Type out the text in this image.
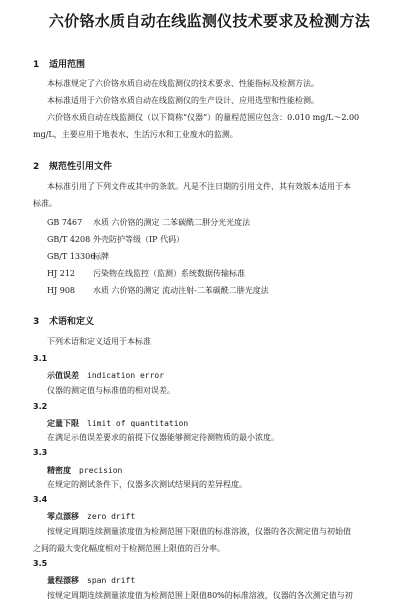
六价铬水质自动在线监测仪技术要求及检测方法
1 适用范围
本标准规定了六价铬水质自动在线监测仪的技术要求、性能指标及检测方法。
本标准适用于六价铬水质自动在线监测仪的生产设计、应用选型和性能检测。
六价铬水质自动在线监测仪（以下简称“仪器”）的量程范围应包含：0.010 mg/L～2.00
mg/L，主要应用于地表水、生活污水和工业废水的监测。
2 规范性引用文件
本标准引用了下列文件或其中的条款。凡是不注日期的引用文件，其有效版本适用于本
标准。
GB 7467 水质 六价铬的测定 二苯碳酰二肼分光光度法
GB/T 4208 外壳防护等级（IP 代码）
GB/T 13306标牌
HJ 212 污染物在线监控（监测）系统数据传输标准
HJ 908 水质 六价铬的测定 流动注射-二苯碳酰二肼光度法
3 术语和定义
下列术语和定义适用于本标准
3.1
示值误差 indication error
仪器的测定值与标准值的相对误差。
3.2
定量下限 limit of quantitation
在满足示值误差要求的前提下仪器能够测定待测物质的最小浓度。
3.3
精密度 precision
在规定的测试条件下，仪器多次测试结果间的差异程度。
3.4
零点漂移 zero drift
按规定周期连续测量浓度值为检测范围下限值的标准溶液，仪器的各次测定值与初始值
之间的最大变化幅度相对于检测范围上限值的百分率。
3.5
量程漂移 span drift
按规定周期连续测量浓度值为检测范围上限值80%的标准溶液，仪器的各次测定值与初
